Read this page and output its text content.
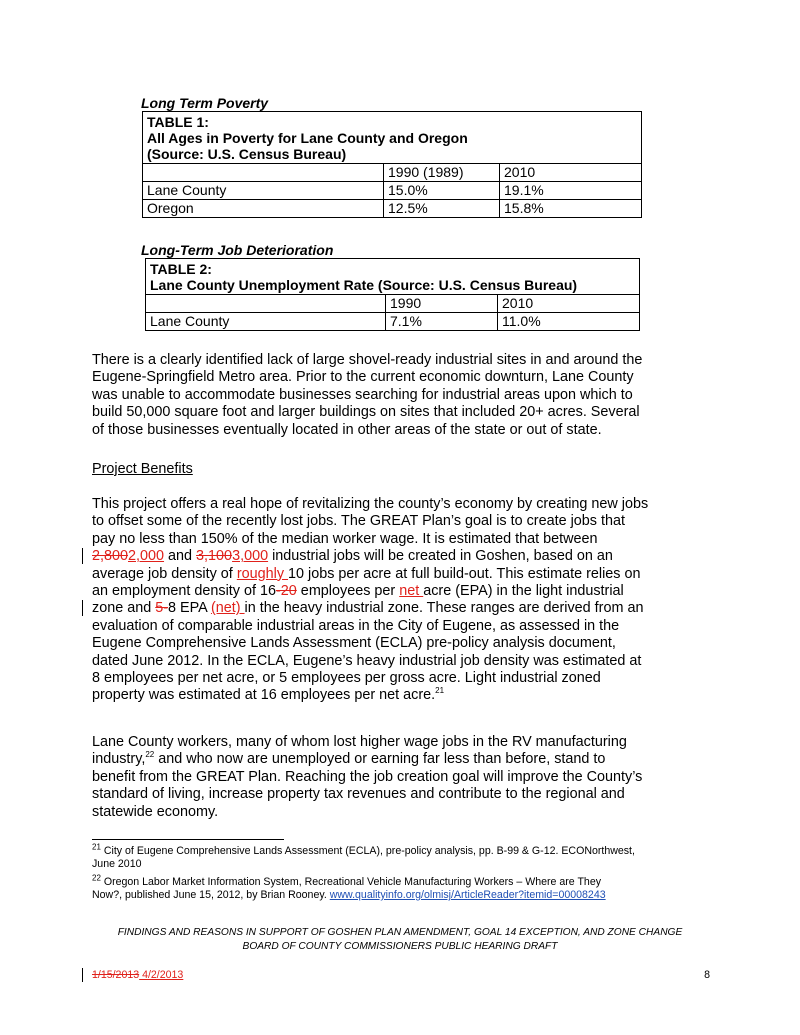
Long Term Poverty
TABLE 1:
All Ages in Poverty for Lane County and Oregon
(Source: U.S. Census Bureau)		

	1990 (1989)	2010
Lane County	15.0%	19.1%
Oregon	12.5%	15.8%
Long-Term Job Deterioration
TABLE 2:
Lane County Unemployment Rate (Source: U.S. Census Bureau)		

	1990	2010
Lane County	7.1%	11.0%
There is a clearly identified lack of large shovel-ready industrial sites in and around the
Eugene-Springfield Metro area. Prior to the current economic downturn, Lane County
was unable to accommodate businesses searching for industrial areas upon which to
build 50,000 square foot and larger buildings on sites that included 20+ acres. Several
of those businesses eventually located in other areas of the state or out of state.
Project Benefits
This project offers a real hope of revitalizing the county’s economy by creating new jobs
to offset some of the recently lost jobs. The GREAT Plan’s goal is to create jobs that
pay no less than 150% of the median worker wage. It is estimated that between
2,8002,000 and 3,1003,000 industrial jobs will be created in Goshen, based on an
average job density of roughly 10 jobs per acre at full build-out. This estimate relies on
an employment density of 16-20 employees per net acre (EPA) in the light industrial
zone and 5-8 EPA (net) in the heavy industrial zone. These ranges are derived from an
evaluation of comparable industrial areas in the City of Eugene, as assessed in the
Eugene Comprehensive Lands Assessment (ECLA) pre-policy analysis document,
dated June 2012. In the ECLA, Eugene’s heavy industrial job density was estimated at
8 employees per net acre, or 5 employees per gross acre. Light industrial zoned
property was estimated at 16 employees per net acre.$^{21}$
Lane County workers, many of whom lost higher wage jobs in the RV manufacturing
industry,$^{22}$ and who now are unemployed or earning far less than before, stand to
benefit from the GREAT Plan. Reaching the job creation goal will improve the County’s
standard of living, increase property tax revenues and contribute to the regional and
statewide economy.
$^{21}$ City of Eugene Comprehensive Lands Assessment (ECLA), pre-policy analysis, pp. B-99 & G-12. ECONorthwest,
June 2010
$^{22}$ Oregon Labor Market Information System, Recreational Vehicle Manufacturing Workers – Where are They
Now?, published June 15, 2012, by Brian Rooney. www.qualityinfo.org/olmisj/ArticleReader?itemid=00008243
FINDINGS AND REASONS IN SUPPORT OF GOSHEN PLAN AMENDMENT, GOAL 14 EXCEPTION, AND ZONE CHANGE
BOARD OF COUNTY COMMISSIONERS PUBLIC HEARING DRAFT
1/15/2013 4/2/2013	8
